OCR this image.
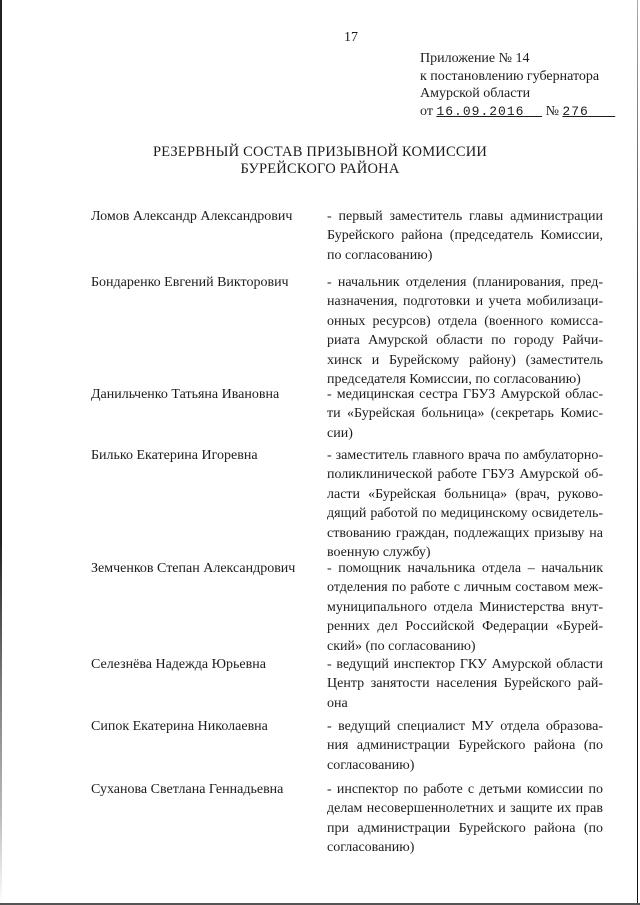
17
Приложение № 14
к постановлению губернатора
Амурской области
от 16.09.2016 № 276
РЕЗЕРВНЫЙ СОСТАВ ПРИЗЫВНОЙ КОМИССИИ
БУРЕЙСКОГО РАЙОНА
Ломов Александр Александрович - первый заместитель главы администрации Бурейского района (председатель Комиссии, по согласованию)
Бондаренко Евгений Викторович	- начальник отделения (планирования, предназначения, подготовки и учета мобилизационных ресурсов) отдела (военного комиссариата Амурской области по городу Райчихинск и Бурейскому району) (заместитель председателя Комиссии, по согласованию)
Данильченко Татьяна Ивановна	- медицинская сестра ГБУЗ Амурской области «Бурейская больница» (секретарь Комиссии)
Билько Екатерина Игоревна	- заместитель главного врача по амбулаторно-поликлинической работе ГБУЗ Амурской области «Бурейская больница» (врач, руководящий работой по медицинскому освидетельствованию граждан, подлежащих призыву на военную службу)
Земченков Степан Александрович - помощник начальника отдела – начальник отделения по работе с личным составом межмуниципального отдела Министерства внутренних дел Российской Федерации «Бурейский» (по согласованию)
Селезнёва Надежда Юрьевна	- ведущий инспектор ГКУ Амурской области Центр занятости населения Бурейского района
Сипок Екатерина Николаевна	- ведущий специалист МУ отдела образования администрации Бурейского района (по согласованию)
Суханова Светлана Геннадьевна	- инспектор по работе с детьми комиссии по делам несовершеннолетних и защите их прав при администрации Бурейского района (по согласованию)
